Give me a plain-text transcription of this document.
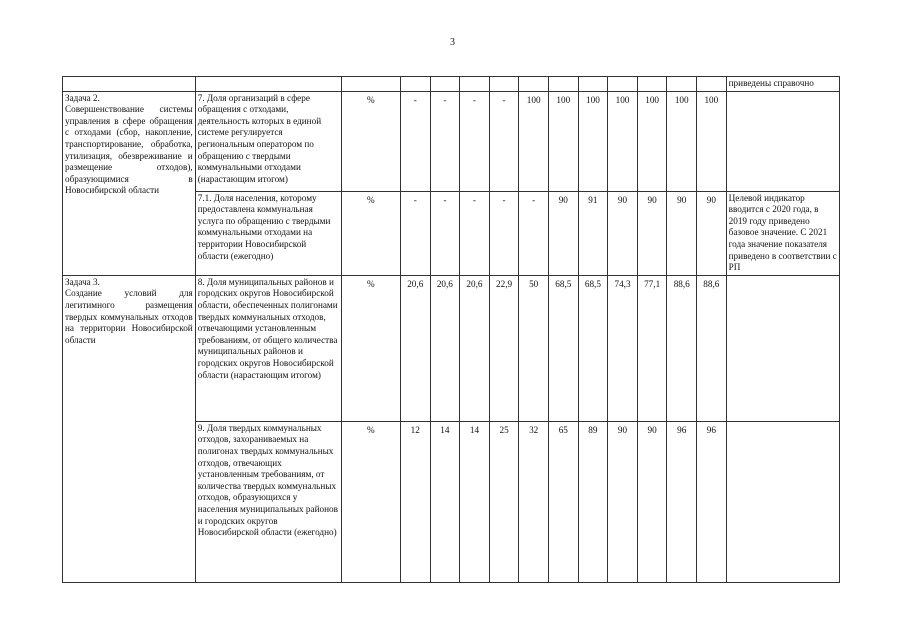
3
														приведены справочно
Задача 2.
Совершенствование системы управления в сфере обращения с отходами (сбор, накопление, транспортирование, обработка, утилизация, обезвреживание и размещение отходов), образующимися в Новосибирской области	7. Доля организаций в сфере обращения с отходами, деятельность которых в единой системе регулируется региональным оператором по обращению с твердыми коммунальными отходами (нарастающим итогом)	%	-	-	-	-	100	100	100	100	100	100	100	
	7.1. Доля населения, которому предоставлена коммунальная услуга по обращению с твердыми коммунальными отходами на территории Новосибирской области (ежегодно)	%	-	-	-	-	-	90	91	90	90	90	90	Целевой индикатор вводится с 2020 года, в 2019 году приведено базовое значение. С 2021 года значение показателя приведено в соответствии с РП
Задача 3.
Создание условий для легитимного размещения твердых коммунальных отходов на территории Новосибирской области	8. Доля муниципальных районов и городских округов Новосибирской области, обеспеченных полигонами твердых коммунальных отходов, отвечающими установленным требованиям, от общего количества муниципальных районов и городских округов Новосибирской области (нарастающим итогом)	%	20,6	20,6	20,6	22,9	50	68,5	68,5	74,3	77,1	88,6	88,6	
	9. Доля твердых коммунальных отходов, захораниваемых на полигонах твердых коммунальных отходов, отвечающих установленным требованиям, от количества твердых коммунальных отходов, образующихся у населения муниципальных районов и городских округов Новосибирской области (ежегодно)	%	12	14	14	25	32	65	89	90	90	96	96	
